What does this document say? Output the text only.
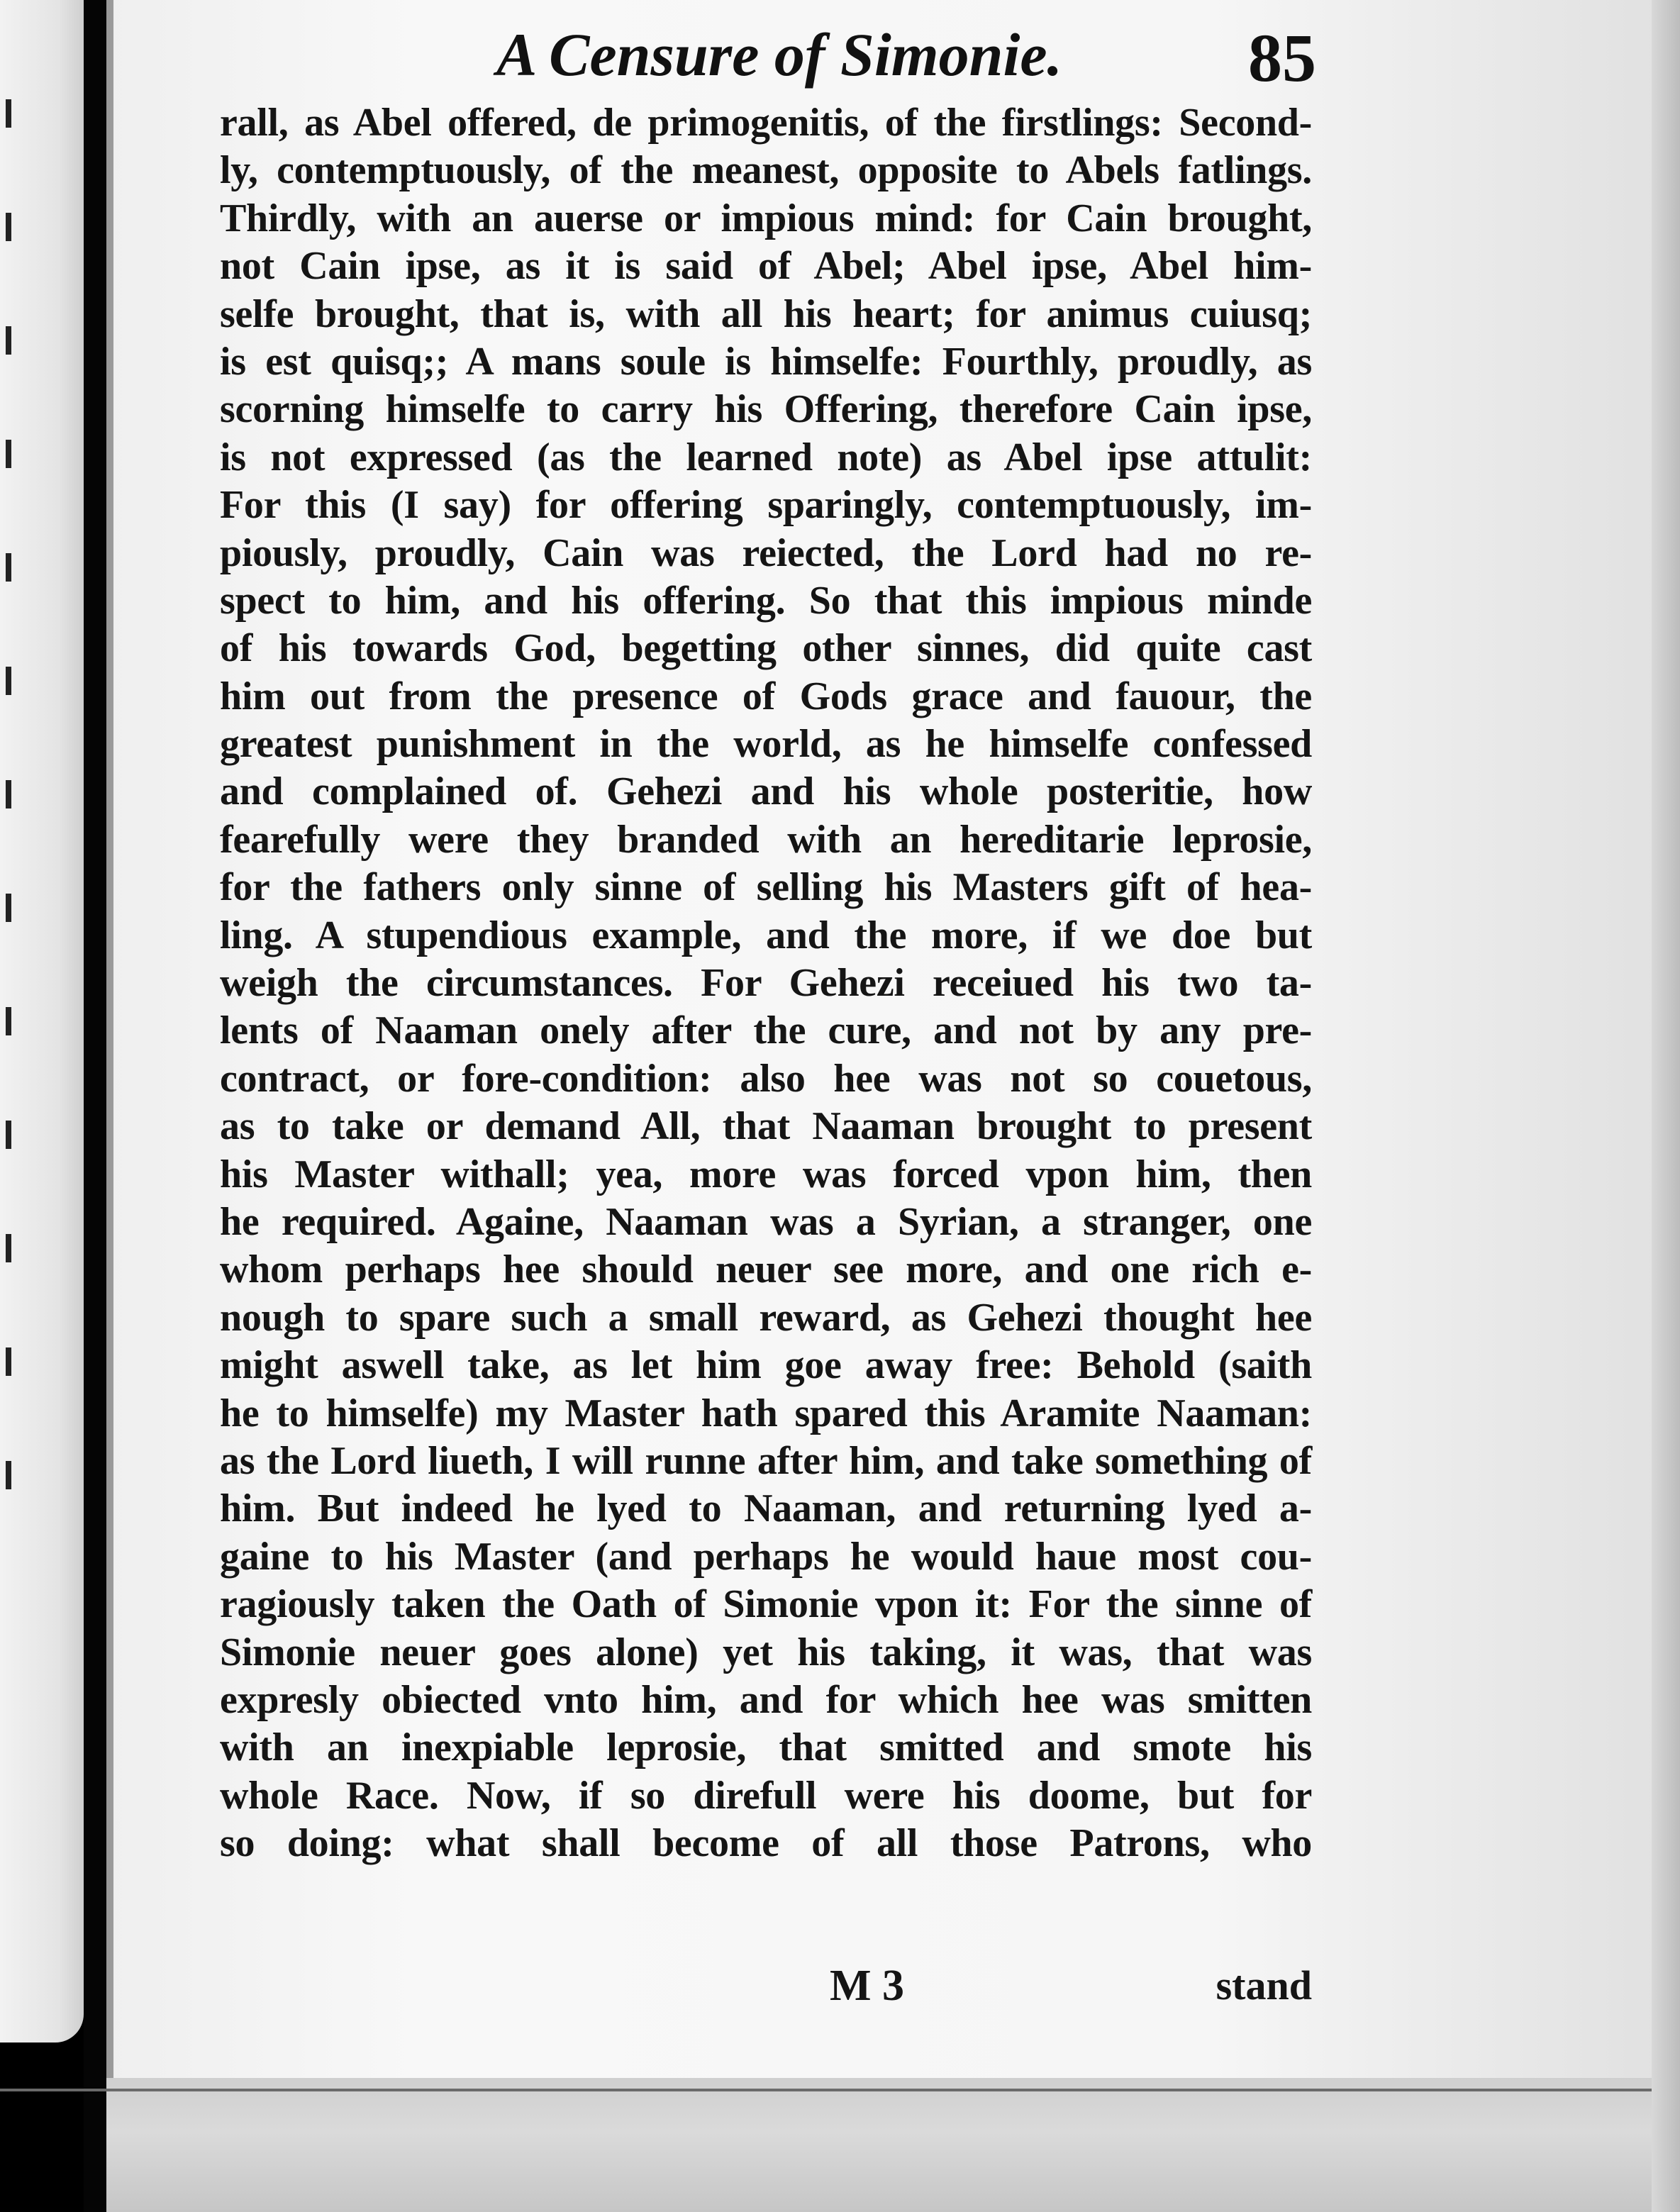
A Censure of Simonie.	85
rall, as Abel offered, de primogenitis, of the firstlings: Second-
ly, contemptuously, of the meanest, opposite to Abels fatlings.
Thirdly, with an auerse or impious mind: for Cain brought,
not Cain ipse, as it is said of Abel; Abel ipse, Abel him-
selfe brought, that is, with all his heart; for animus cuiusq;
is est quisq;; A mans soule is himselfe: Fourthly, proudly, as
scorning himselfe to carry his Offering, therefore Cain ipse,
is not expressed (as the learned note) as Abel ipse attulit:
For this (I say) for offering sparingly, contemptuously, im-
piously, proudly, Cain was reiected, the Lord had no re-
spect to him, and his offering. So that this impious minde
of his towards God, begetting other sinnes, did quite cast
him out from the presence of Gods grace and fauour, the
greatest punishment in the world, as he himselfe confessed
and complained of. Gehezi and his whole posteritie, how
fearefully were they branded with an hereditarie leprosie,
for the fathers only sinne of selling his Masters gift of hea-
ling. A stupendious example, and the more, if we doe but
weigh the circumstances. For Gehezi receiued his two ta-
lents of Naaman onely after the cure, and not by any pre-
contract, or fore-condition: also hee was not so couetous,
as to take or demand All, that Naaman brought to present
his Master withall; yea, more was forced vpon him, then
he required. Againe, Naaman was a Syrian, a stranger, one
whom perhaps hee should neuer see more, and one rich e-
nough to spare such a small reward, as Gehezi thought hee
might aswell take, as let him goe away free: Behold (saith
he to himselfe) my Master hath spared this Aramite Naaman:
as the Lord liueth, I will runne after him, and take something of
him. But indeed he lyed to Naaman, and returning lyed a-
gaine to his Master (and perhaps he would haue most cou-
ragiously taken the Oath of Simonie vpon it: For the sinne of
Simonie neuer goes alone) yet his taking, it was, that was
expresly obiected vnto him, and for which hee was smitten
with an inexpiable leprosie, that smitted and smote his
whole Race. Now, if so direfull were his doome, but for
so doing: what shall become of all those Patrons, who
M 3	stand
